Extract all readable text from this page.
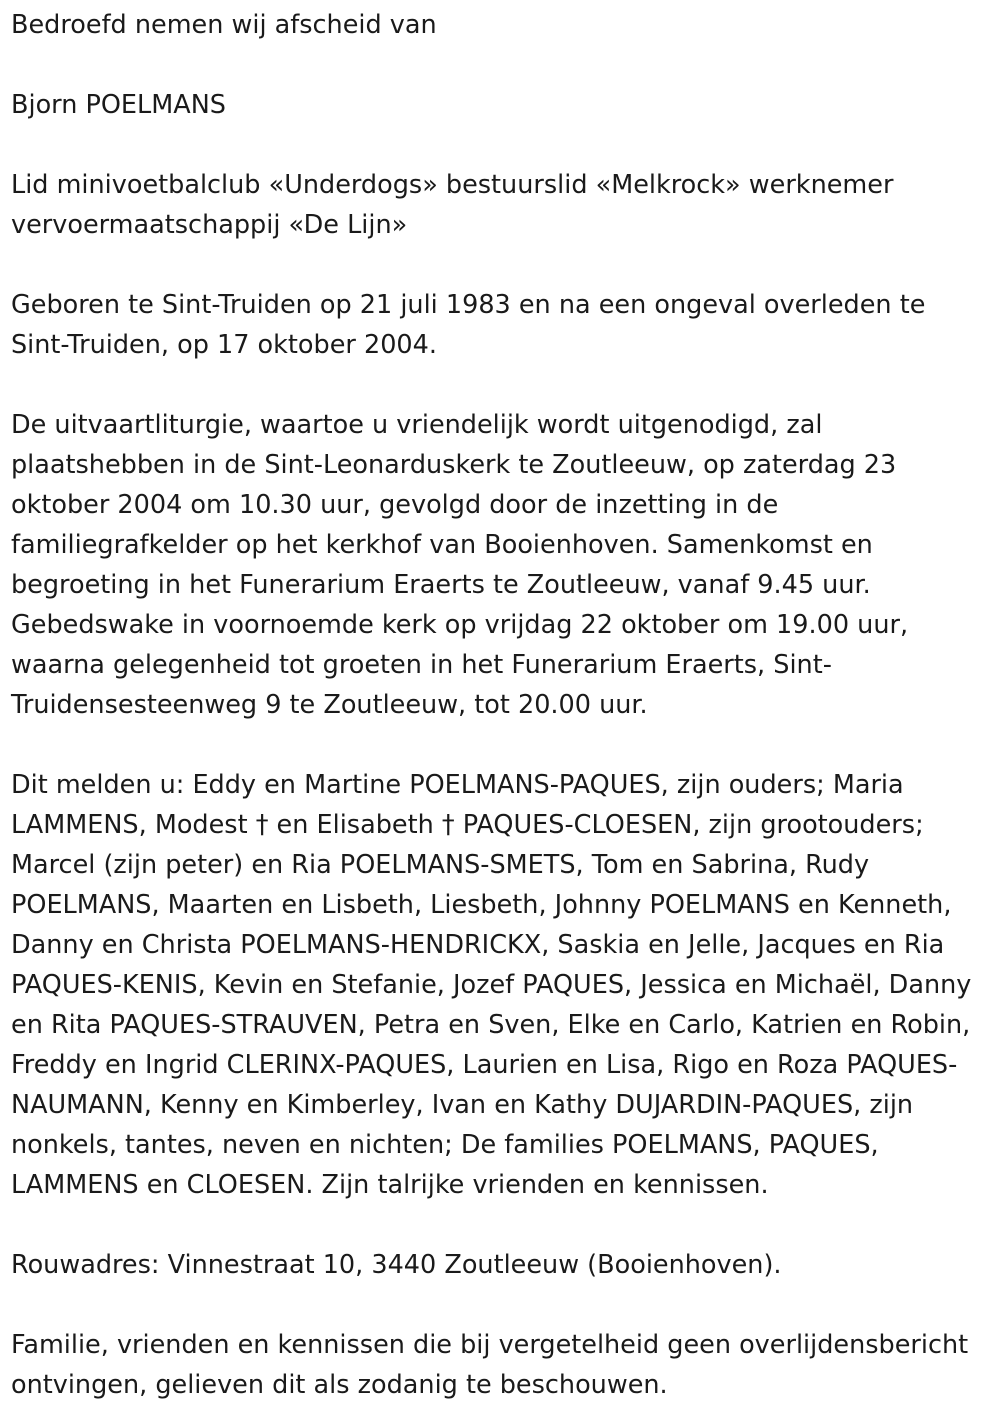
Bedroefd nemen wij afscheid van

Bjorn POELMANS

Lid minivoetbalclub «Underdogs» bestuurslid «Melkrock» werknemer vervoermaatschappij «De Lijn»

Geboren te Sint-Truiden op 21 juli 1983 en na een ongeval overleden te Sint-Truiden, op 17 oktober 2004.

De uitvaartliturgie, waartoe u vriendelijk wordt uitgenodigd, zal plaatshebben in de Sint-Leonarduskerk te Zoutleeuw, op zaterdag 23 oktober 2004 om 10.30 uur, gevolgd door de inzetting in de familiegrafkelder op het kerkhof van Booienhoven. Samenkomst en begroeting in het Funerarium Eraerts te Zoutleeuw, vanaf 9.45 uur. Gebedswake in voornoemde kerk op vrijdag 22 oktober om 19.00 uur, waarna gelegenheid tot groeten in het Funerarium Eraerts, Sint-Truidensesteenweg 9 te Zoutleeuw, tot 20.00 uur.

Dit melden u: Eddy en Martine POELMANS-PAQUES, zijn ouders; Maria LAMMENS, Modest † en Elisabeth † PAQUES-CLOESEN, zijn grootouders; Marcel (zijn peter) en Ria POELMANS-SMETS, Tom en Sabrina, Rudy POELMANS, Maarten en Lisbeth, Liesbeth, Johnny POELMANS en Kenneth, Danny en Christa POELMANS-HENDRICKX, Saskia en Jelle, Jacques en Ria PAQUES-KENIS, Kevin en Stefanie, Jozef PAQUES, Jessica en Michaël, Danny en Rita PAQUES-STRAUVEN, Petra en Sven, Elke en Carlo, Katrien en Robin, Freddy en Ingrid CLERINX-PAQUES, Laurien en Lisa, Rigo en Roza PAQUES-NAUMANN, Kenny en Kimberley, Ivan en Kathy DUJARDIN-PAQUES, zijn nonkels, tantes, neven en nichten; De families POELMANS, PAQUES, LAMMENS en CLOESEN. Zijn talrijke vrienden en kennissen.

Rouwadres: Vinnestraat 10, 3440 Zoutleeuw (Booienhoven).

Familie, vrienden en kennissen die bij vergetelheid geen overlijdensbericht ontvingen, gelieven dit als zodanig te beschouwen.
